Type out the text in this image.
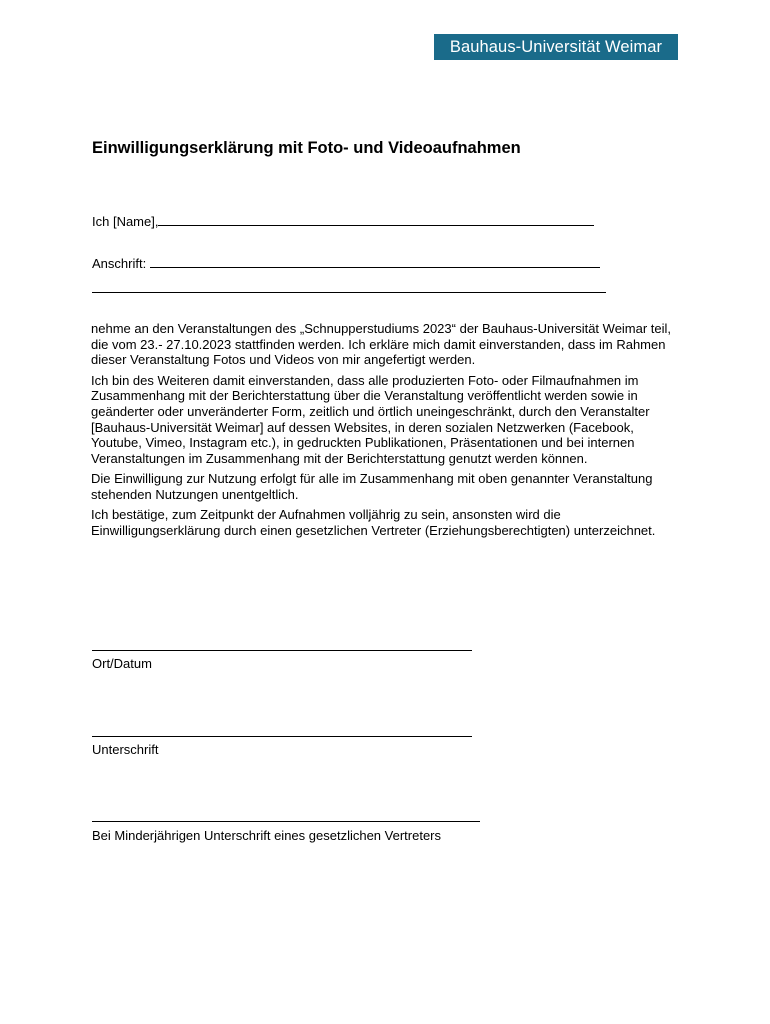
Bauhaus-Universität Weimar
Einwilligungserklärung mit Foto- und Videoaufnahmen
Ich [Name],
Anschrift:

nehme an den Veranstaltungen des „Schnupperstudiums 2023“ der Bauhaus-Universität Weimar teil, die vom 23.- 27.10.2023 stattfinden werden. Ich erkläre mich damit einverstanden, dass im Rahmen dieser Veranstaltung Fotos und Videos von mir angefertigt werden.

Ich bin des Weiteren damit einverstanden, dass alle produzierten Foto- oder Filmaufnahmen im Zusammenhang mit der Berichterstattung über die Veranstaltung veröffentlicht werden sowie in geänderter oder unveränderter Form, zeitlich und örtlich uneingeschränkt, durch den Veranstalter [Bauhaus-Universität Weimar] auf dessen Websites, in deren sozialen Netzwerken (Facebook, Youtube, Vimeo, Instagram etc.), in gedruckten Publikationen, Präsentationen und bei internen Veranstaltungen im Zusammenhang mit der Berichterstattung genutzt werden können.

Die Einwilligung zur Nutzung erfolgt für alle im Zusammenhang mit oben genannter Veranstaltung stehenden Nutzungen unentgeltlich.

Ich bestätige, zum Zeitpunkt der Aufnahmen volljährig zu sein, ansonsten wird die Einwilligungserklärung durch einen gesetzlichen Vertreter (Erziehungsberechtigten) unterzeichnet.

Ort/Datum
Unterschrift
Bei Minderjährigen Unterschrift eines gesetzlichen Vertreters
